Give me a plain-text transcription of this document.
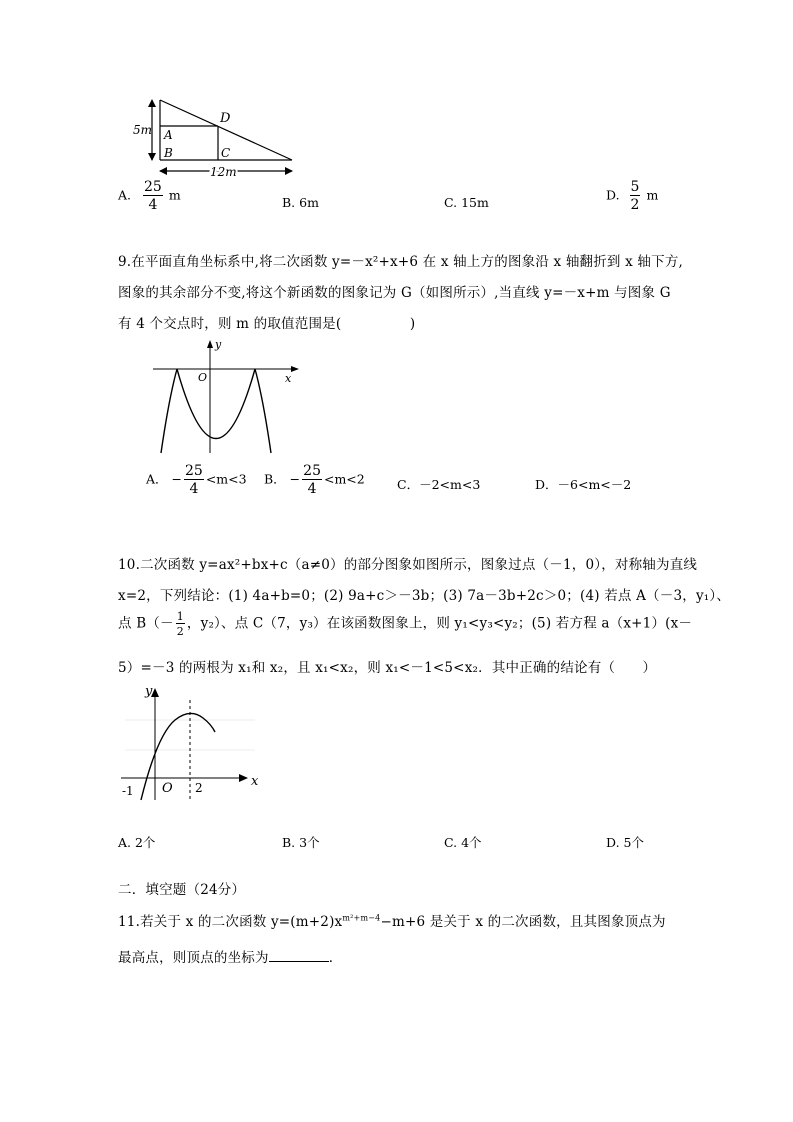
5m
D
A
B	C
12m
A. $\frac{25}{4}$ m	B. 6m	C. 15m	D. $\frac{5}{2}$ m
9.在平面直角坐标系中,将二次函数 y=－x²+x+6 在 x 轴上方的图象沿 x 轴翻折到 x 轴下方,
图象的其余部分不变,将这个新函数的图象记为 G（如图所示）,当直线 y=－x+m 与图象 G
有 4 个交点时，则 m 的取值范围是(　　　　　)
y
O	x
A． − $\frac{25}{4} <m<3$ B． − $\frac{25}{4} <m<2$	C．－2<m<3	D．－6<m<－2
10.二次函数 y=ax²+bx+c（a≠0）的部分图象如图所示，图象过点（－1，0），对称轴为直线
x=2，下列结论：(1) 4a+b=0；(2) 9a+c＞－3b；(3) 7a－3b+2c＞0；(4) 若点 A（－3，y₁）、
点 $B(- \frac{1}{2}$ ，y₂）、点 C（7，y₃）在该函数图象上，则 y₁<y₃<y₂；(5) 若方程 a（x+1）(x－
5）=－3 的两根为 x₁和 x₂，且 x₁<x₂，则 x₁<－1<5<x₂．其中正确的结论有（　　）
y
x
-1 O 2
A. 2个	B. 3个	C. 4个	D. 5个
二．填空题（24分）
11.若关于 x 的二次函数 $y=(m+2)x^{m^2+m-4}-m+6$ 是关于 x 的二次函数，且其图象顶点为
最高点，则顶点的坐标为	．
